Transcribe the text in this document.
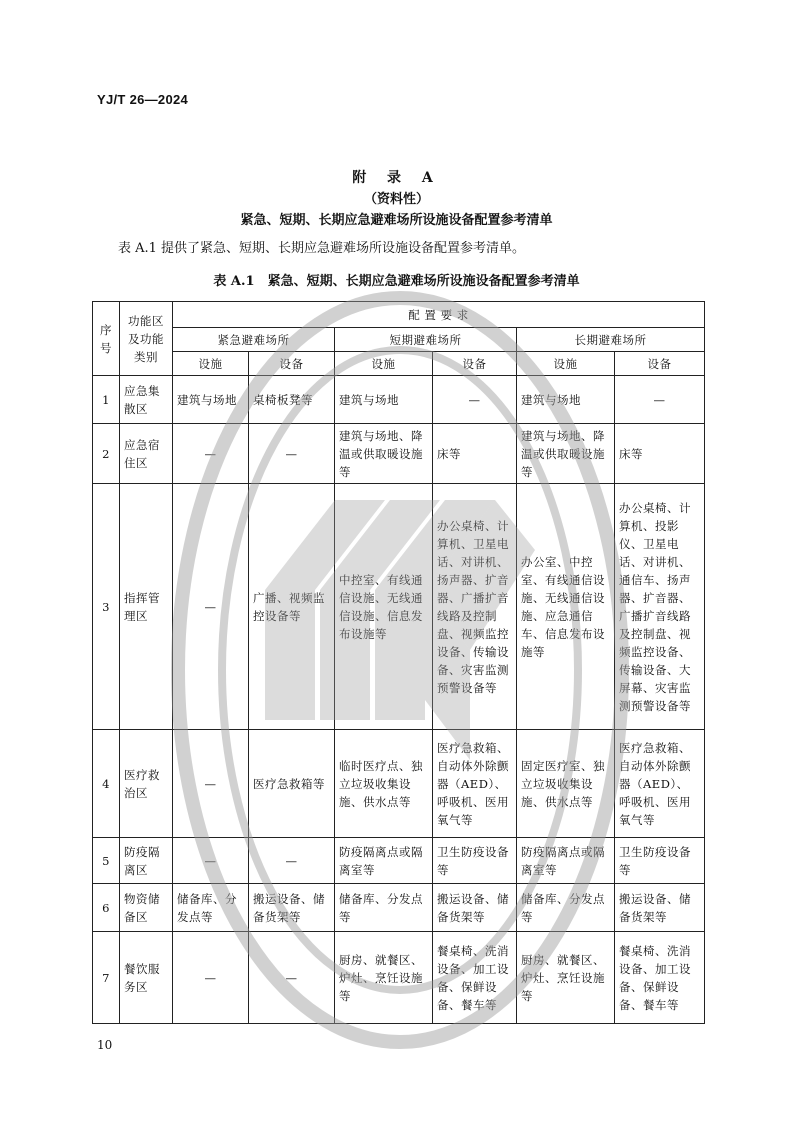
YJ/T 26—2024
附 录 A
（资料性）
紧急、短期、长期应急避难场所设施设备配置参考清单
表 A.1 提供了紧急、短期、长期应急避难场所设施设备配置参考清单。
表 A.1　紧急、短期、长期应急避难场所设施设备配置参考清单
序号	功能区及功能类别	配 置 要 求					
		紧急避难场所		短期避难场所		长期避难场所	
		设施	设备	设施	设备	设施	设备
1	应急集散区	建筑与场地	桌椅板凳等	建筑与场地	—	建筑与场地	—
2	应急宿住区	—	—	建筑与场地、降温或供取暖设施等	床等	建筑与场地、降温或供取暖设施等	床等
3	指挥管理区	—	广播、视频监控设备等	中控室、有线通信设施、无线通信设施、信息发布设施等	办公桌椅、计算机、卫星电话、对讲机、扬声器、扩音器、广播扩音线路及控制盘、视频监控设备、传输设备、灾害监测预警设备等	办公室、中控室、有线通信设施、无线通信设施、应急通信车、信息发布设施等	办公桌椅、计算机、投影仪、卫星电话、对讲机、通信车、扬声器、扩音器、广播扩音线路及控制盘、视频监控设备、传输设备、大屏幕、灾害监测预警设备等
4	医疗救治区	—	医疗急救箱等	临时医疗点、独立垃圾收集设施、供水点等	医疗急救箱、自动体外除颤器（AED）、呼吸机、医用氧气等	固定医疗室、独立垃圾收集设施、供水点等	医疗急救箱、自动体外除颤器（AED）、呼吸机、医用氧气等
5	防疫隔离区	—	—	防疫隔离点或隔离室等	卫生防疫设备等	防疫隔离点或隔离室等	卫生防疫设备等
6	物资储备区	储备库、分发点等	搬运设备、储备货架等	储备库、分发点等	搬运设备、储备货架等	储备库、分发点等	搬运设备、储备货架等
7	餐饮服务区	—	—	厨房、就餐区、炉灶、烹饪设施等	餐桌椅、洗消设备、加工设备、保鲜设备、餐车等	厨房、就餐区、炉灶、烹饪设施等	餐桌椅、洗消设备、加工设备、保鲜设备、餐车等
10
